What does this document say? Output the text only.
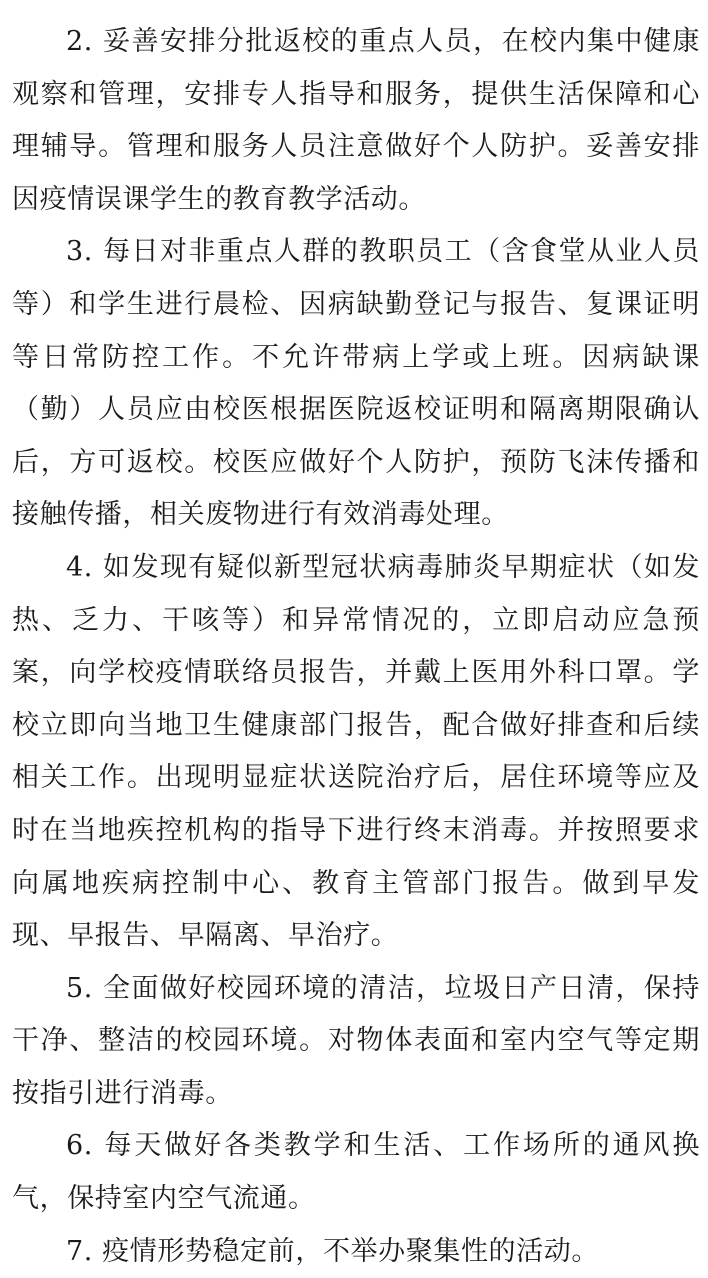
2. 妥善安排分批返校的重点人员，在校内集中健康观察和管理，安排专人指导和服务，提供生活保障和心理辅导。管理和服务人员注意做好个人防护。妥善安排因疫情误课学生的教育教学活动。

3. 每日对非重点人群的教职员工（含食堂从业人员等）和学生进行晨检、因病缺勤登记与报告、复课证明等日常防控工作。不允许带病上学或上班。因病缺课（勤）人员应由校医根据医院返校证明和隔离期限确认后，方可返校。校医应做好个人防护，预防飞沫传播和接触传播，相关废物进行有效消毒处理。

4. 如发现有疑似新型冠状病毒肺炎早期症状（如发热、乏力、干咳等）和异常情况的，立即启动应急预案，向学校疫情联络员报告，并戴上医用外科口罩。学校立即向当地卫生健康部门报告，配合做好排查和后续相关工作。出现明显症状送院治疗后，居住环境等应及时在当地疾控机构的指导下进行终末消毒。并按照要求向属地疾病控制中心、教育主管部门报告。做到早发现、早报告、早隔离、早治疗。

5. 全面做好校园环境的清洁，垃圾日产日清，保持干净、整洁的校园环境。对物体表面和室内空气等定期按指引进行消毒。

6. 每天做好各类教学和生活、工作场所的通风换气，保持室内空气流通。

7. 疫情形势稳定前，不举办聚集性的活动。
